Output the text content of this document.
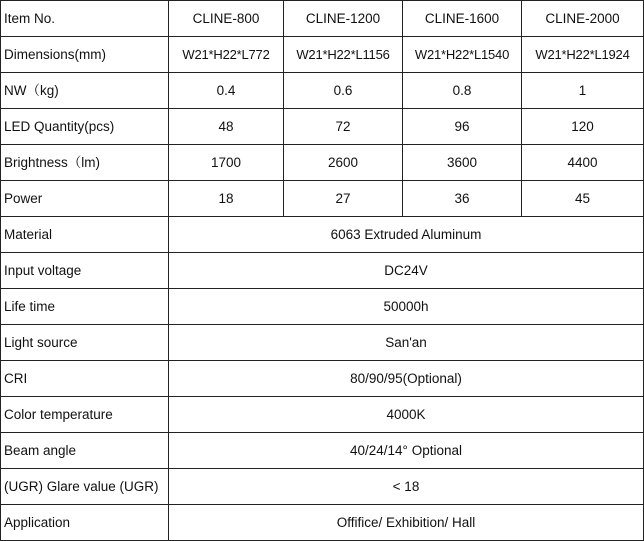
Item No.	CLINE-800	CLINE-1200	CLINE-1600	CLINE-2000
Dimensions(mm)	W21*H22*L772	W21*H22*L1156	W21*H22*L1540	W21*H22*L1924
NW（kg)	0.4	0.6	0.8	1
LED Quantity(pcs)	48	72	96	120
Brightness（lm)	1700	2600	3600	4400
Power	18	27	36	45
Material	6063 Extruded Aluminum			
Input voltage	DC24V			
Life time	50000h			
Light source	San'an			
CRI	80/90/95(Optional)			
Color temperature	4000K			
Beam angle	40/24/14° Optional			
(UGR) Glare value (UGR)	< 18			
Application	Offifice/ Exhibition/ Hall			
